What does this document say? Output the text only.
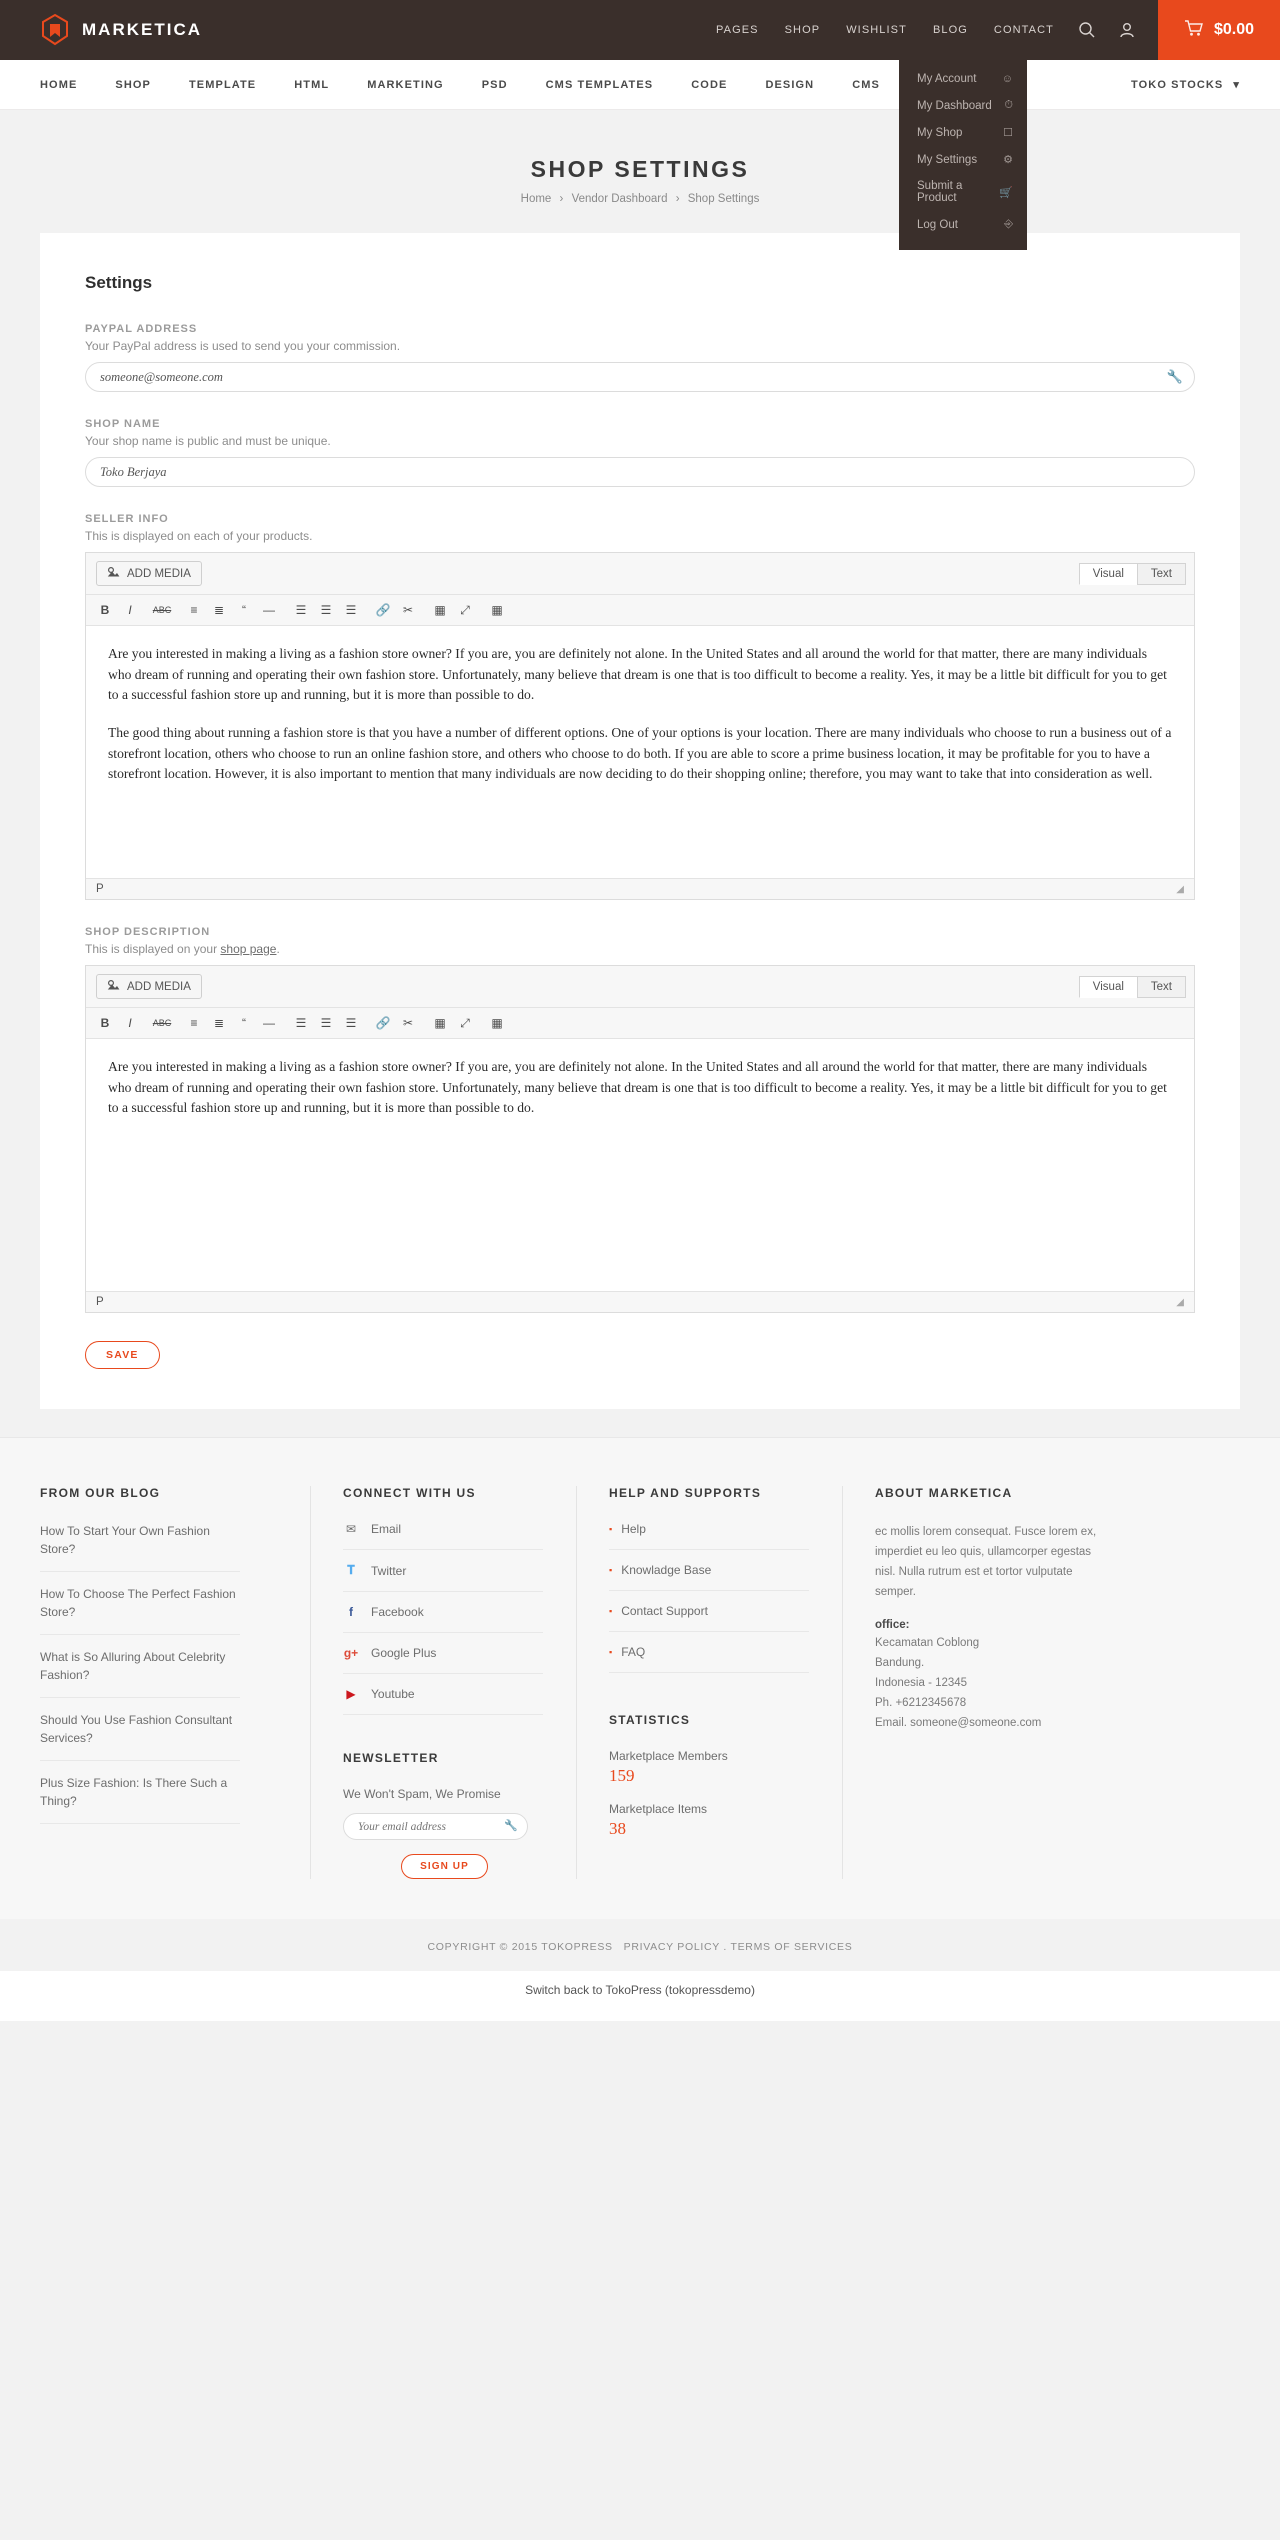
MARKETICA	PAGES SHOP WISHLIST BLOG CONTACT	$0.00
My Account ☺
My Dashboard ⏱
My Shop	☐
My Settings ⚙
Submit a Product	🛒
Log Out	⎆
HOME	SHOP	TEMPLATE	HTML	MARKETING	PSD	CMS TEMPLATES	CODE	DESIGN	CMS	TOKO STOCKS ▾
SHOP SETTINGS
Home › Vendor Dashboard › Shop Settings
Settings
PAYPAL ADDRESS
Your PayPal address is used to send you your commission.
someone@someone.com
🔧
SHOP NAME
Your shop name is public and must be unique.
Toko Berjaya
SELLER INFO
This is displayed on each of your products.
ADD MEDIA	Visual	Text
B I ABC	≡	≣	“	—	☰	☰	☰	🔗	✂	▦	⤢	▦

Are you interested in making a living as a fashion store owner? If you are, you are definitely not alone. In the United States and all around the world for that matter, there are many individuals who dream of running and operating their own fashion store. Unfortunately, many believe that dream is one that is too difficult to become a reality. Yes, it may be a little bit difficult for you to get to a successful fashion store up and running, but it is more than possible to do.

The good thing about running a fashion store is that you have a number of different options. One of your options is your location. There are many individuals who choose to run a business out of a storefront location, others who choose to run an online fashion store, and others who choose to do both. If you are able to score a prime business location, it may be profitable for you to have a storefront location. However, it is also important to mention that many individuals are now deciding to do their shopping online; therefore, you may want to take that into consideration as well.

P	◢
SHOP DESCRIPTION
This is displayed on your shop page.
ADD MEDIA	Visual	Text
B I ABC	≡	≣	“	—	☰	☰	☰	🔗	✂	▦	⤢	▦

Are you interested in making a living as a fashion store owner? If you are, you are definitely not alone. In the United States and all around the world for that matter, there are many individuals who dream of running and operating their own fashion store. Unfortunately, many believe that dream is one that is too difficult to become a reality. Yes, it may be a little bit difficult for you to get to a successful fashion store up and running, but it is more than possible to do.

P	◢
SAVE
FROM OUR BLOG
How To Start Your Own Fashion Store?
How To Choose The Perfect Fashion Store?
What is So Alluring About Celebrity Fashion?
Should You Use Fashion Consultant Services?
Plus Size Fashion: Is There Such a Thing?
CONNECT WITH US
✉ Email
𝐓	Twitter
f	Facebook
g+ Google Plus
▶ Youtube
NEWSLETTER

We Won't Spam, We Promise

Your email address
🔧
SIGN UP
HELP AND SUPPORTS
▪ Help
▪ Knowladge Base
▪ Contact Support
▪ FAQ
STATISTICS
Marketplace Members
159
Marketplace Items
38
ABOUT MARKETICA

ec mollis lorem consequat. Fusce lorem ex, imperdiet eu leo quis, ullamcorper egestas nisl. Nulla rutrum est et tortor vulputate semper.

office:
Kecamatan Coblong
Bandung.
Indonesia - 12345
Ph. +6212345678
Email. someone@someone.com
COPYRIGHT © 2015 TOKOPRESS PRIVACY POLICY . TERMS OF SERVICES
Switch back to TokoPress (tokopressdemo)
